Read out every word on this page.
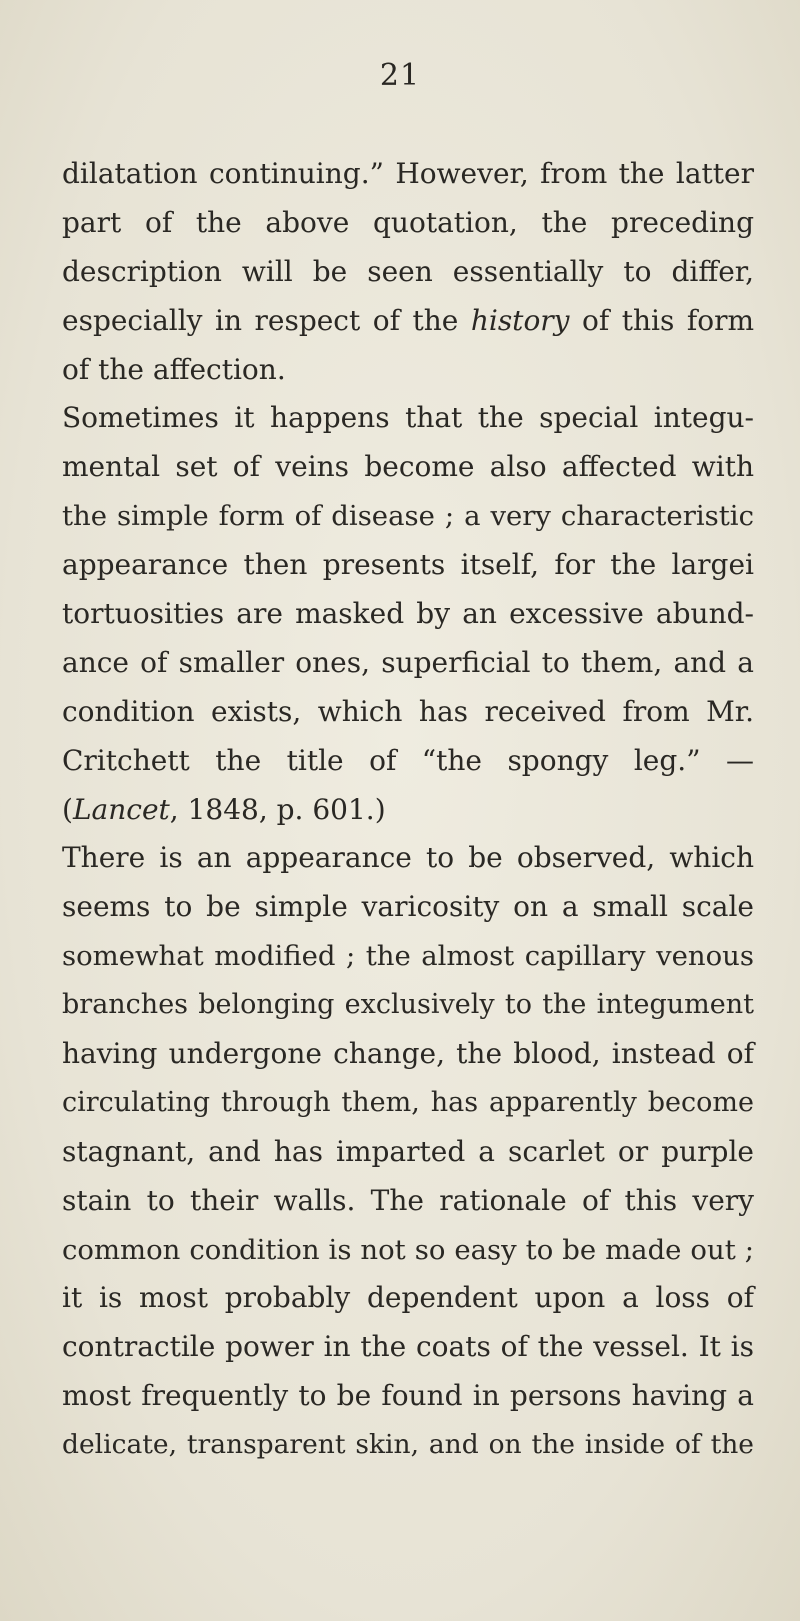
21
dilatation continuing.” However, from the latter
part of the above quotation, the preceding
description will be seen essentially to differ,
especially in respect of the history of this form
of the affection.
Sometimes it happens that the special integu-
mental set of veins become also affected with
the simple form of disease ; a very characteristic
appearance then presents itself, for the largei
tortuosities are masked by an excessive abund-
ance of smaller ones, superficial to them, and a
condition exists, which has received from Mr.
Critchett the title of “the spongy leg.” —
(Lancet, 1848, p. 601.)
There is an appearance to be observed, which
seems to be simple varicosity on a small scale
somewhat modified ; the almost capillary venous
branches belonging exclusively to the integument
having undergone change, the blood, instead of
circulating through them, has apparently become
stagnant, and has imparted a scarlet or purple
stain to their walls. The rationale of this very
common condition is not so easy to be made out ;
it is most probably dependent upon a loss of
contractile power in the coats of the vessel. It is
most frequently to be found in persons having a
delicate, transparent skin, and on the inside of the
